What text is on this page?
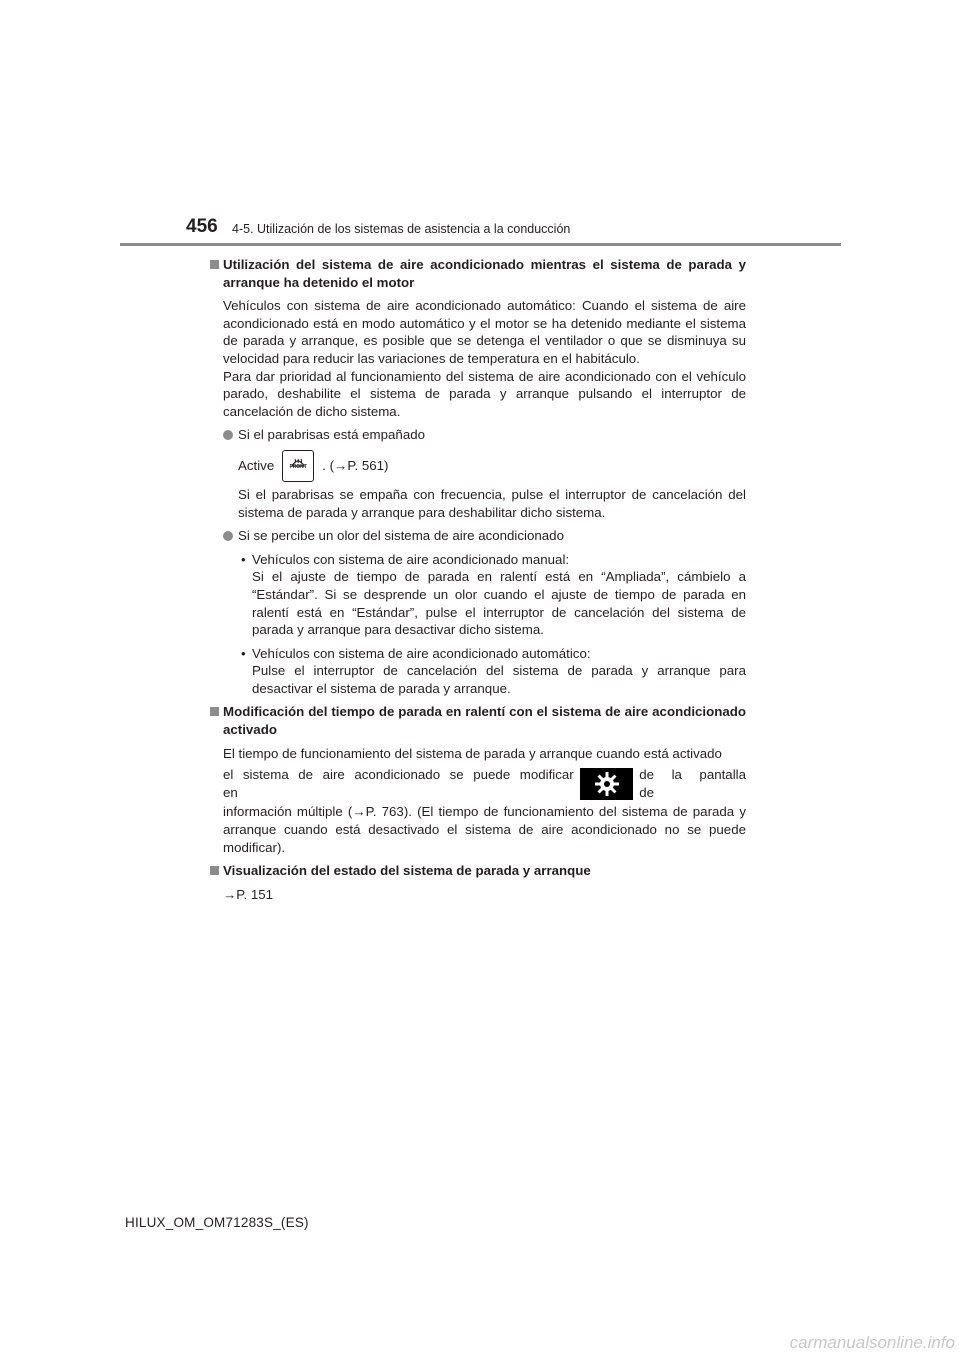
456 4-5. Utilización de los sistemas de asistencia a la conducción
Utilización del sistema de aire acondicionado mientras el sistema de parada y arranque ha detenido el motor
Vehículos con sistema de aire acondicionado automático: Cuando el sistema de aire acondicionado está en modo automático y el motor se ha detenido mediante el sistema de parada y arranque, es posible que se detenga el ventilador o que se disminuya su velocidad para reducir las variaciones de temperatura en el habitáculo.
Para dar prioridad al funcionamiento del sistema de aire acondicionado con el vehículo parado, deshabilite el sistema de parada y arranque pulsando el interruptor de cancelación de dicho sistema.
Si el parabrisas está empañado
Active	FRONT	. (→P. 561)
Si el parabrisas se empaña con frecuencia, pulse el interruptor de cancelación del sistema de parada y arranque para deshabilitar dicho sistema.
Si se percibe un olor del sistema de aire acondicionado
• Vehículos con sistema de aire acondicionado manual:
Si el ajuste de tiempo de parada en ralentí está en “Ampliada”, cámbielo a “Estándar”. Si se desprende un olor cuando el ajuste de tiempo de parada en ralentí está en “Estándar”, pulse el interruptor de cancelación del sistema de parada y arranque para desactivar dicho sistema.
• Vehículos con sistema de aire acondicionado automático:
Pulse el interruptor de cancelación del sistema de parada y arranque para desactivar el sistema de parada y arranque.
Modificación del tiempo de parada en ralentí con el sistema de aire acondicionado activado
El tiempo de funcionamiento del sistema de parada y arranque cuando está activado
el sistema de aire acondicionado se puede modificar en
de la pantalla de
información múltiple (→P. 763). (El tiempo de funcionamiento del sistema de parada y arranque cuando está desactivado el sistema de aire acondicionado no se puede modificar).
Visualización del estado del sistema de parada y arranque
→P. 151
HILUX_OM_OM71283S_(ES)
carmanualsonline.info
